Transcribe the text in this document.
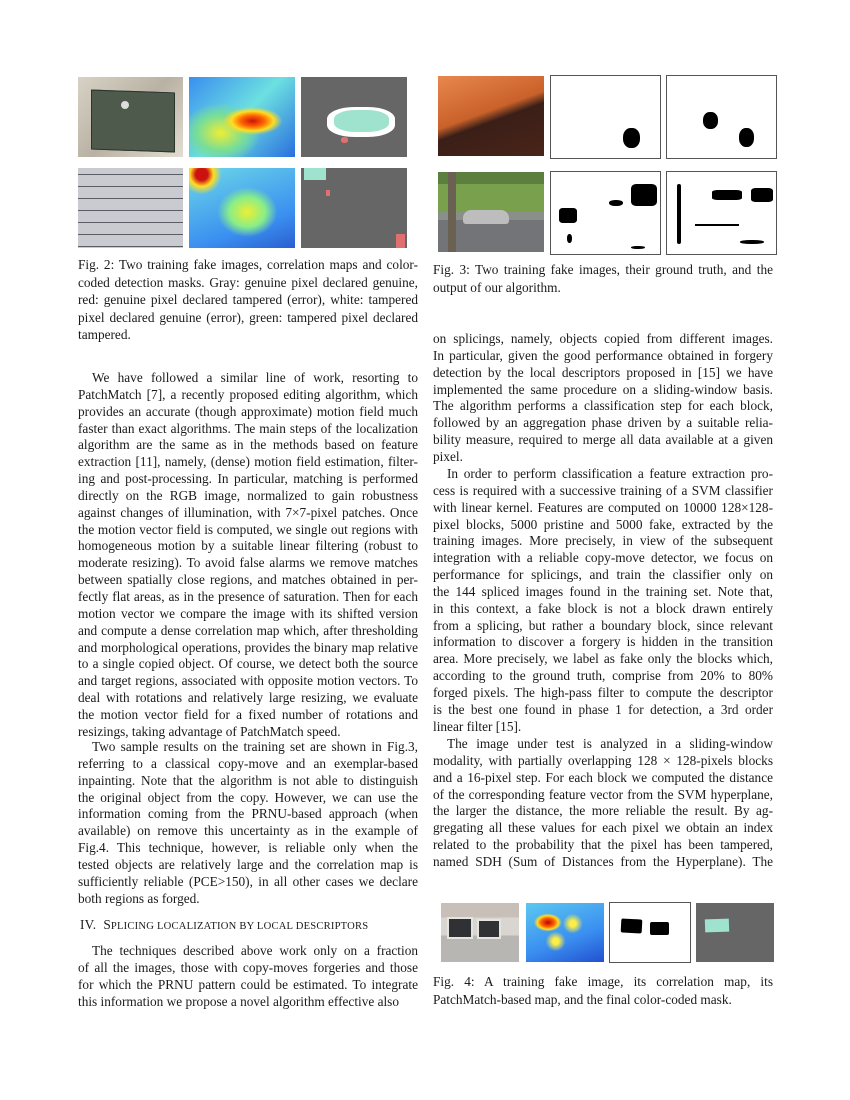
Fig. 2: Two training fake images, correlation maps and color-
coded detection masks. Gray: genuine pixel declared genuine,
red: genuine pixel declared tampered (error), white: tampered
pixel declared genuine (error), green: tampered pixel declared
tampered.
Fig. 3: Two training fake images, their ground truth, and the
output of our algorithm.
We have followed a similar line of work, resorting to
PatchMatch [7], a recently proposed editing algorithm, which
provides an accurate (though approximate) motion field much
faster than exact algorithms. The main steps of the localization
algorithm are the same as in the methods based on feature
extraction [11], namely, (dense) motion field estimation, filter-
ing and post-processing. In particular, matching is performed
directly on the RGB image, normalized to gain robustness
against changes of illumination, with 7×7-pixel patches. Once
the motion vector field is computed, we single out regions with
homogeneous motion by a suitable linear filtering (robust to
moderate resizing). To avoid false alarms we remove matches
between spatially close regions, and matches obtained in per-
fectly flat areas, as in the presence of saturation. Then for each
motion vector we compare the image with its shifted version
and compute a dense correlation map which, after thresholding
and morphological operations, provides the binary map relative
to a single copied object. Of course, we detect both the source
and target regions, associated with opposite motion vectors. To
deal with rotations and relatively large resizing, we evaluate
the motion vector field for a fixed number of rotations and
resizings, taking advantage of PatchMatch speed.
Two sample results on the training set are shown in Fig.3,
referring to a classical copy-move and an exemplar-based
inpainting. Note that the algorithm is not able to distinguish
the original object from the copy. However, we can use the
information coming from the PRNU-based approach (when
available) on remove this uncertainty as in the example of
Fig.4. This technique, however, is reliable only when the
tested objects are relatively large and the correlation map is
sufficiently reliable (PCE>150), in all other cases we declare
both regions as forged.
IV. SPLICING LOCALIZATION BY LOCAL DESCRIPTORS
The techniques described above work only on a fraction
of all the images, those with copy-moves forgeries and those
for which the PRNU pattern could be estimated. To integrate
this information we propose a novel algorithm effective also
on splicings, namely, objects copied from different images.
In particular, given the good performance obtained in forgery
detection by the local descriptors proposed in [15] we have
implemented the same procedure on a sliding-window basis.
The algorithm performs a classification step for each block,
followed by an aggregation phase driven by a suitable relia-
bility measure, required to merge all data available at a given
pixel.
In order to perform classification a feature extraction pro-
cess is required with a successive training of a SVM classifier
with linear kernel. Features are computed on 10000 128×128-
pixel blocks, 5000 pristine and 5000 fake, extracted by the
training images. More precisely, in view of the subsequent
integration with a reliable copy-move detector, we focus on
performance for splicings, and train the classifier only on
the 144 spliced images found in the training set. Note that,
in this context, a fake block is not a block drawn entirely
from a splicing, but rather a boundary block, since relevant
information to discover a forgery is hidden in the transition
area. More precisely, we label as fake only the blocks which,
according to the ground truth, comprise from 20% to 80%
forged pixels. The high-pass filter to compute the descriptor
is the best one found in phase 1 for detection, a 3rd order
linear filter [15].
The image under test is analyzed in a sliding-window
modality, with partially overlapping 128 × 128-pixels blocks
and a 16-pixel step. For each block we computed the distance
of the corresponding feature vector from the SVM hyperplane,
the larger the distance, the more reliable the result. By ag-
gregating all these values for each pixel we obtain an index
related to the probability that the pixel has been tampered,
named SDH (Sum of Distances from the Hyperplane). The
Fig. 4: A training fake image, its correlation map, its
PatchMatch-based map, and the final color-coded mask.
